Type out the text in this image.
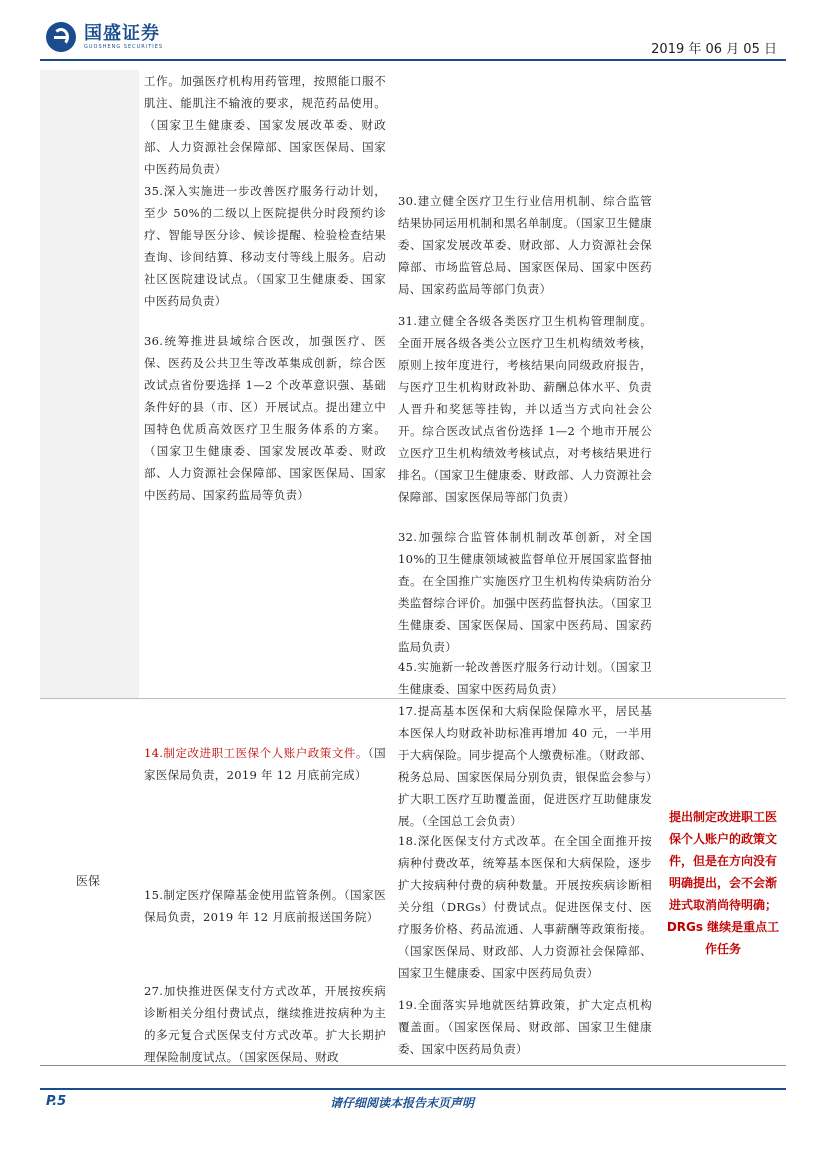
国盛证券
GUOSHENG SECURITIES	2019 年 06 月 05 日

工作。加强医疗机构用药管理，按照能口服不肌注、能肌注不输液的要求，规范药品使用。（国家卫生健康委、国家发展改革委、财政部、人力资源社会保障部、国家医保局、国家中医药局负责）

35.深入实施进一步改善医疗服务行动计划，至少 50%的二级以上医院提供分时段预约诊疗、智能导医分诊、候诊提醒、检验检查结果查询、诊间结算、移动支付等线上服务。启动社区医院建设试点。（国家卫生健康委、国家中医药局负责）

36.统筹推进县域综合医改，加强医疗、医保、医药及公共卫生等改革集成创新，综合医改试点省份要选择 1—2 个改革意识强、基础条件好的县（市、区）开展试点。提出建立中国特色优质高效医疗卫生服务体系的方案。（国家卫生健康委、国家发展改革委、财政部、人力资源社会保障部、国家医保局、国家中医药局、国家药监局等负责）

30.建立健全医疗卫生行业信用机制、综合监管结果协同运用机制和黑名单制度。（国家卫生健康委、国家发展改革委、财政部、人力资源社会保障部、市场监管总局、国家医保局、国家中医药局、国家药监局等部门负责）

31.建立健全各级各类医疗卫生机构管理制度。全面开展各级各类公立医疗卫生机构绩效考核，原则上按年度进行，考核结果向同级政府报告，与医疗卫生机构财政补助、薪酬总体水平、负责人晋升和奖惩等挂钩，并以适当方式向社会公开。综合医改试点省份选择 1—2 个地市开展公立医疗卫生机构绩效考核试点，对考核结果进行排名。（国家卫生健康委、财政部、人力资源社会保障部、国家医保局等部门负责）

32.加强综合监管体制机制改革创新，对全国 10%的卫生健康领域被监督单位开展国家监督抽查。在全国推广实施医疗卫生机构传染病防治分类监督综合评价。加强中医药监督执法。（国家卫生健康委、国家医保局、国家中医药局、国家药监局负责）

45.实施新一轮改善医疗服务行动计划。（国家卫生健康委、国家中医药局负责）

医保

14.制定改进职工医保个人账户政策文件。（国家医保局负责，2019 年 12 月底前完成）

15.制定医疗保障基金使用监管条例。（国家医保局负责，2019 年 12 月底前报送国务院）

27.加快推进医保支付方式改革，开展按疾病诊断相关分组付费试点，继续推进按病种为主的多元复合式医保支付方式改革。扩大长期护理保险制度试点。（国家医保局、财政

17.提高基本医保和大病保险保障水平，居民基本医保人均财政补助标准再增加 40 元，一半用于大病保险。同步提高个人缴费标准。（财政部、税务总局、国家医保局分别负责，银保监会参与）扩大职工医疗互助覆盖面，促进医疗互助健康发展。（全国总工会负责）

18.深化医保支付方式改革。在全国全面推开按病种付费改革，统筹基本医保和大病保险，逐步扩大按病种付费的病种数量。开展按疾病诊断相关分组（DRGs）付费试点。促进医保支付、医疗服务价格、药品流通、人事薪酬等政策衔接。（国家医保局、财政部、人力资源社会保障部、国家卫生健康委、国家中医药局负责）

19.全面落实异地就医结算政策，扩大定点机构覆盖面。（国家医保局、财政部、国家卫生健康委、国家中医药局负责）

提出制定改进职工医保个人账户的政策文件，但是在方向没有明确提出，会不会渐进式取消尚待明确；DRGs 继续是重点工作任务
P.5	请仔细阅读本报告末页声明
